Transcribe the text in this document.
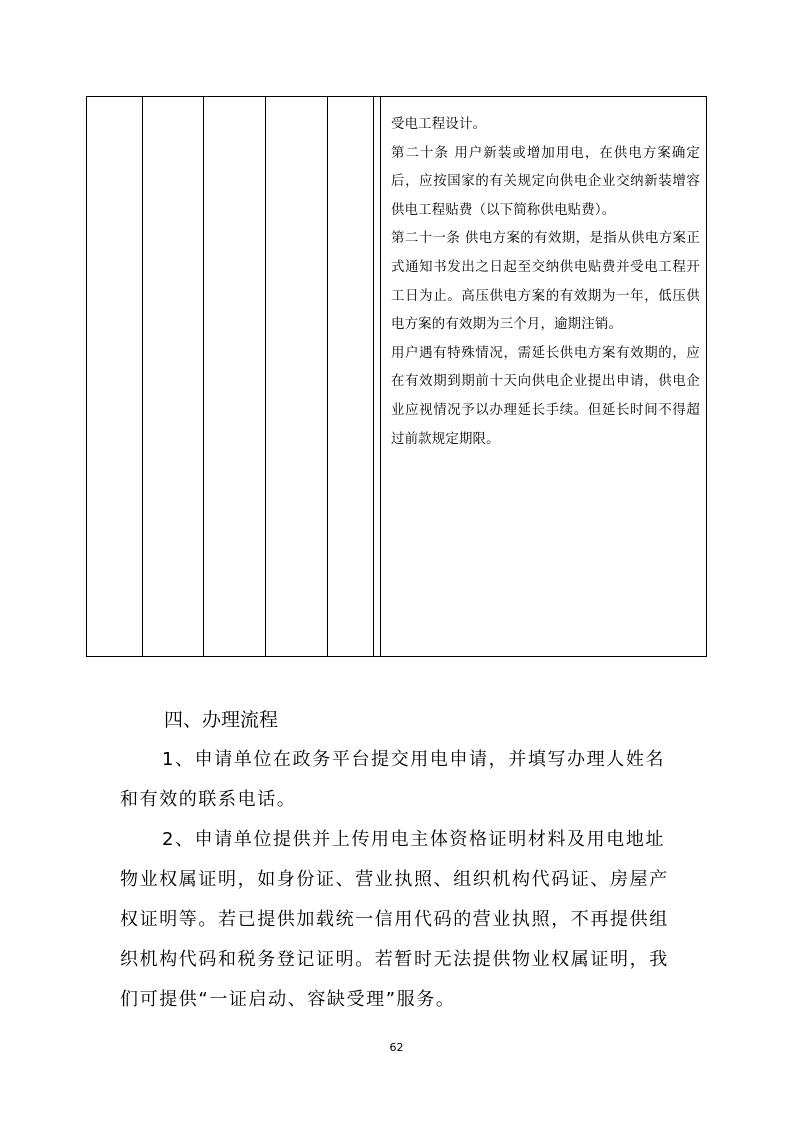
受电工程设计。

第二十条 用户新装或增加用电，在供电方案确定后，应按国家的有关规定向供电企业交纳新装增容供电工程贴费（以下简称供电贴费）。

第二十一条 供电方案的有效期，是指从供电方案正式通知书发出之日起至交纳供电贴费并受电工程开工日为止。高压供电方案的有效期为一年，低压供电方案的有效期为三个月，逾期注销。

用户遇有特殊情况，需延长供电方案有效期的，应在有效期到期前十天向供电企业提出申请，供电企业应视情况予以办理延长手续。但延长时间不得超过前款规定期限。

四、办理流程

1、申请单位在政务平台提交用电申请，并填写办理人姓名和有效的联系电话。

2、申请单位提供并上传用电主体资格证明材料及用电地址物业权属证明，如身份证、营业执照、组织机构代码证、房屋产权证明等。若已提供加载统一信用代码的营业执照，不再提供组织机构代码和税务登记证明。若暂时无法提供物业权属证明，我们可提供“一证启动、容缺受理”服务。

62
